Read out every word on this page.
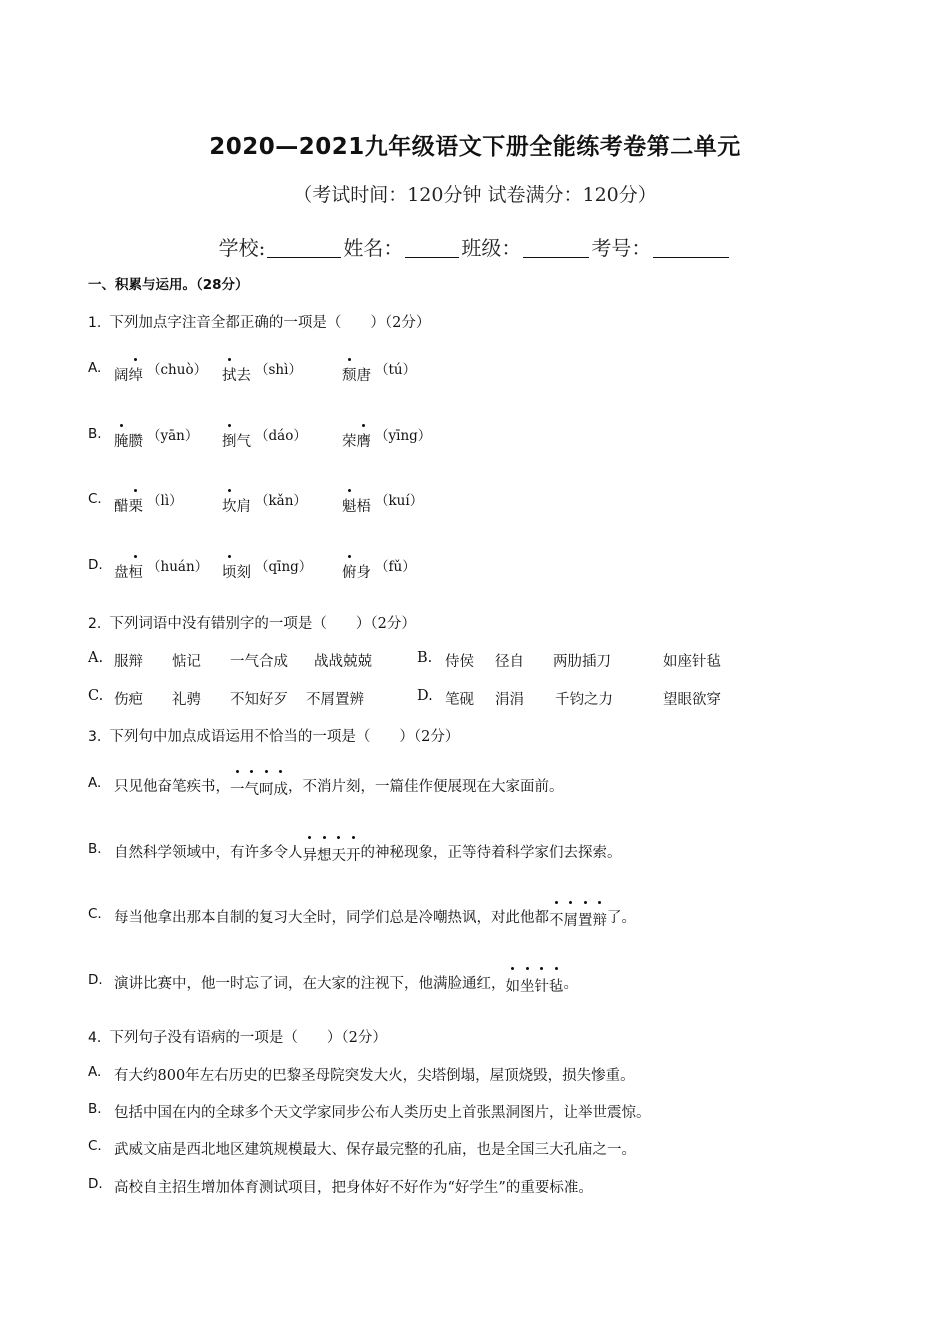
2020—2021九年级语文下册全能练考卷第二单元
（考试时间：120分钟 试卷满分：120分）
学校:	姓名：	班级：	考号：
一、积累与运用。（28分）
1. 下列加点字注音全都正确的一项是（　　）（2分）
A. 阔绰 （chuò） 拭去 （shì）	颓唐 （tú）
B. 腌臜 （yān） 捯气 （dáo） 荣膺 （yīng）
C. 醋栗 （lì）	坎肩 （kǎn） 魁梧 （kuí）
D. 盘桓 （huán） 顷刻 （qīng） 俯身 （fǔ）
2. 下列词语中没有错别字的一项是（　　）（2分）
A. 服辩 惦记 一气合成 战战兢兢	B. 侍侯 径自 两肋插刀	如座针毡
C. 伤疤 礼骋 不知好歹 不屑置辨	D. 笔砚 涓涓 千钧之力	望眼欲穿
3. 下列句中加点成语运用不恰当的一项是（　　）（2分）
A. 只见他奋笔疾书，一气呵成，不消片刻，一篇佳作便展现在大家面前。
B. 自然科学领域中，有许多令人异想天开的神秘现象，正等待着科学家们去探索。
C. 每当他拿出那本自制的复习大全时，同学们总是冷嘲热讽，对此他都不屑置辩了。
D. 演讲比赛中，他一时忘了词，在大家的注视下，他满脸通红，如坐针毡。
4. 下列句子没有语病的一项是（　　）（2分）
A. 有大约800年左右历史的巴黎圣母院突发大火，尖塔倒塌，屋顶烧毁，损失惨重。
B. 包括中国在内的全球多个天文学家同步公布人类历史上首张黑洞图片，让举世震惊。
C. 武威文庙是西北地区建筑规模最大、保存最完整的孔庙，也是全国三大孔庙之一。
D. 高校自主招生增加体育测试项目，把身体好不好作为“好学生”的重要标准。
